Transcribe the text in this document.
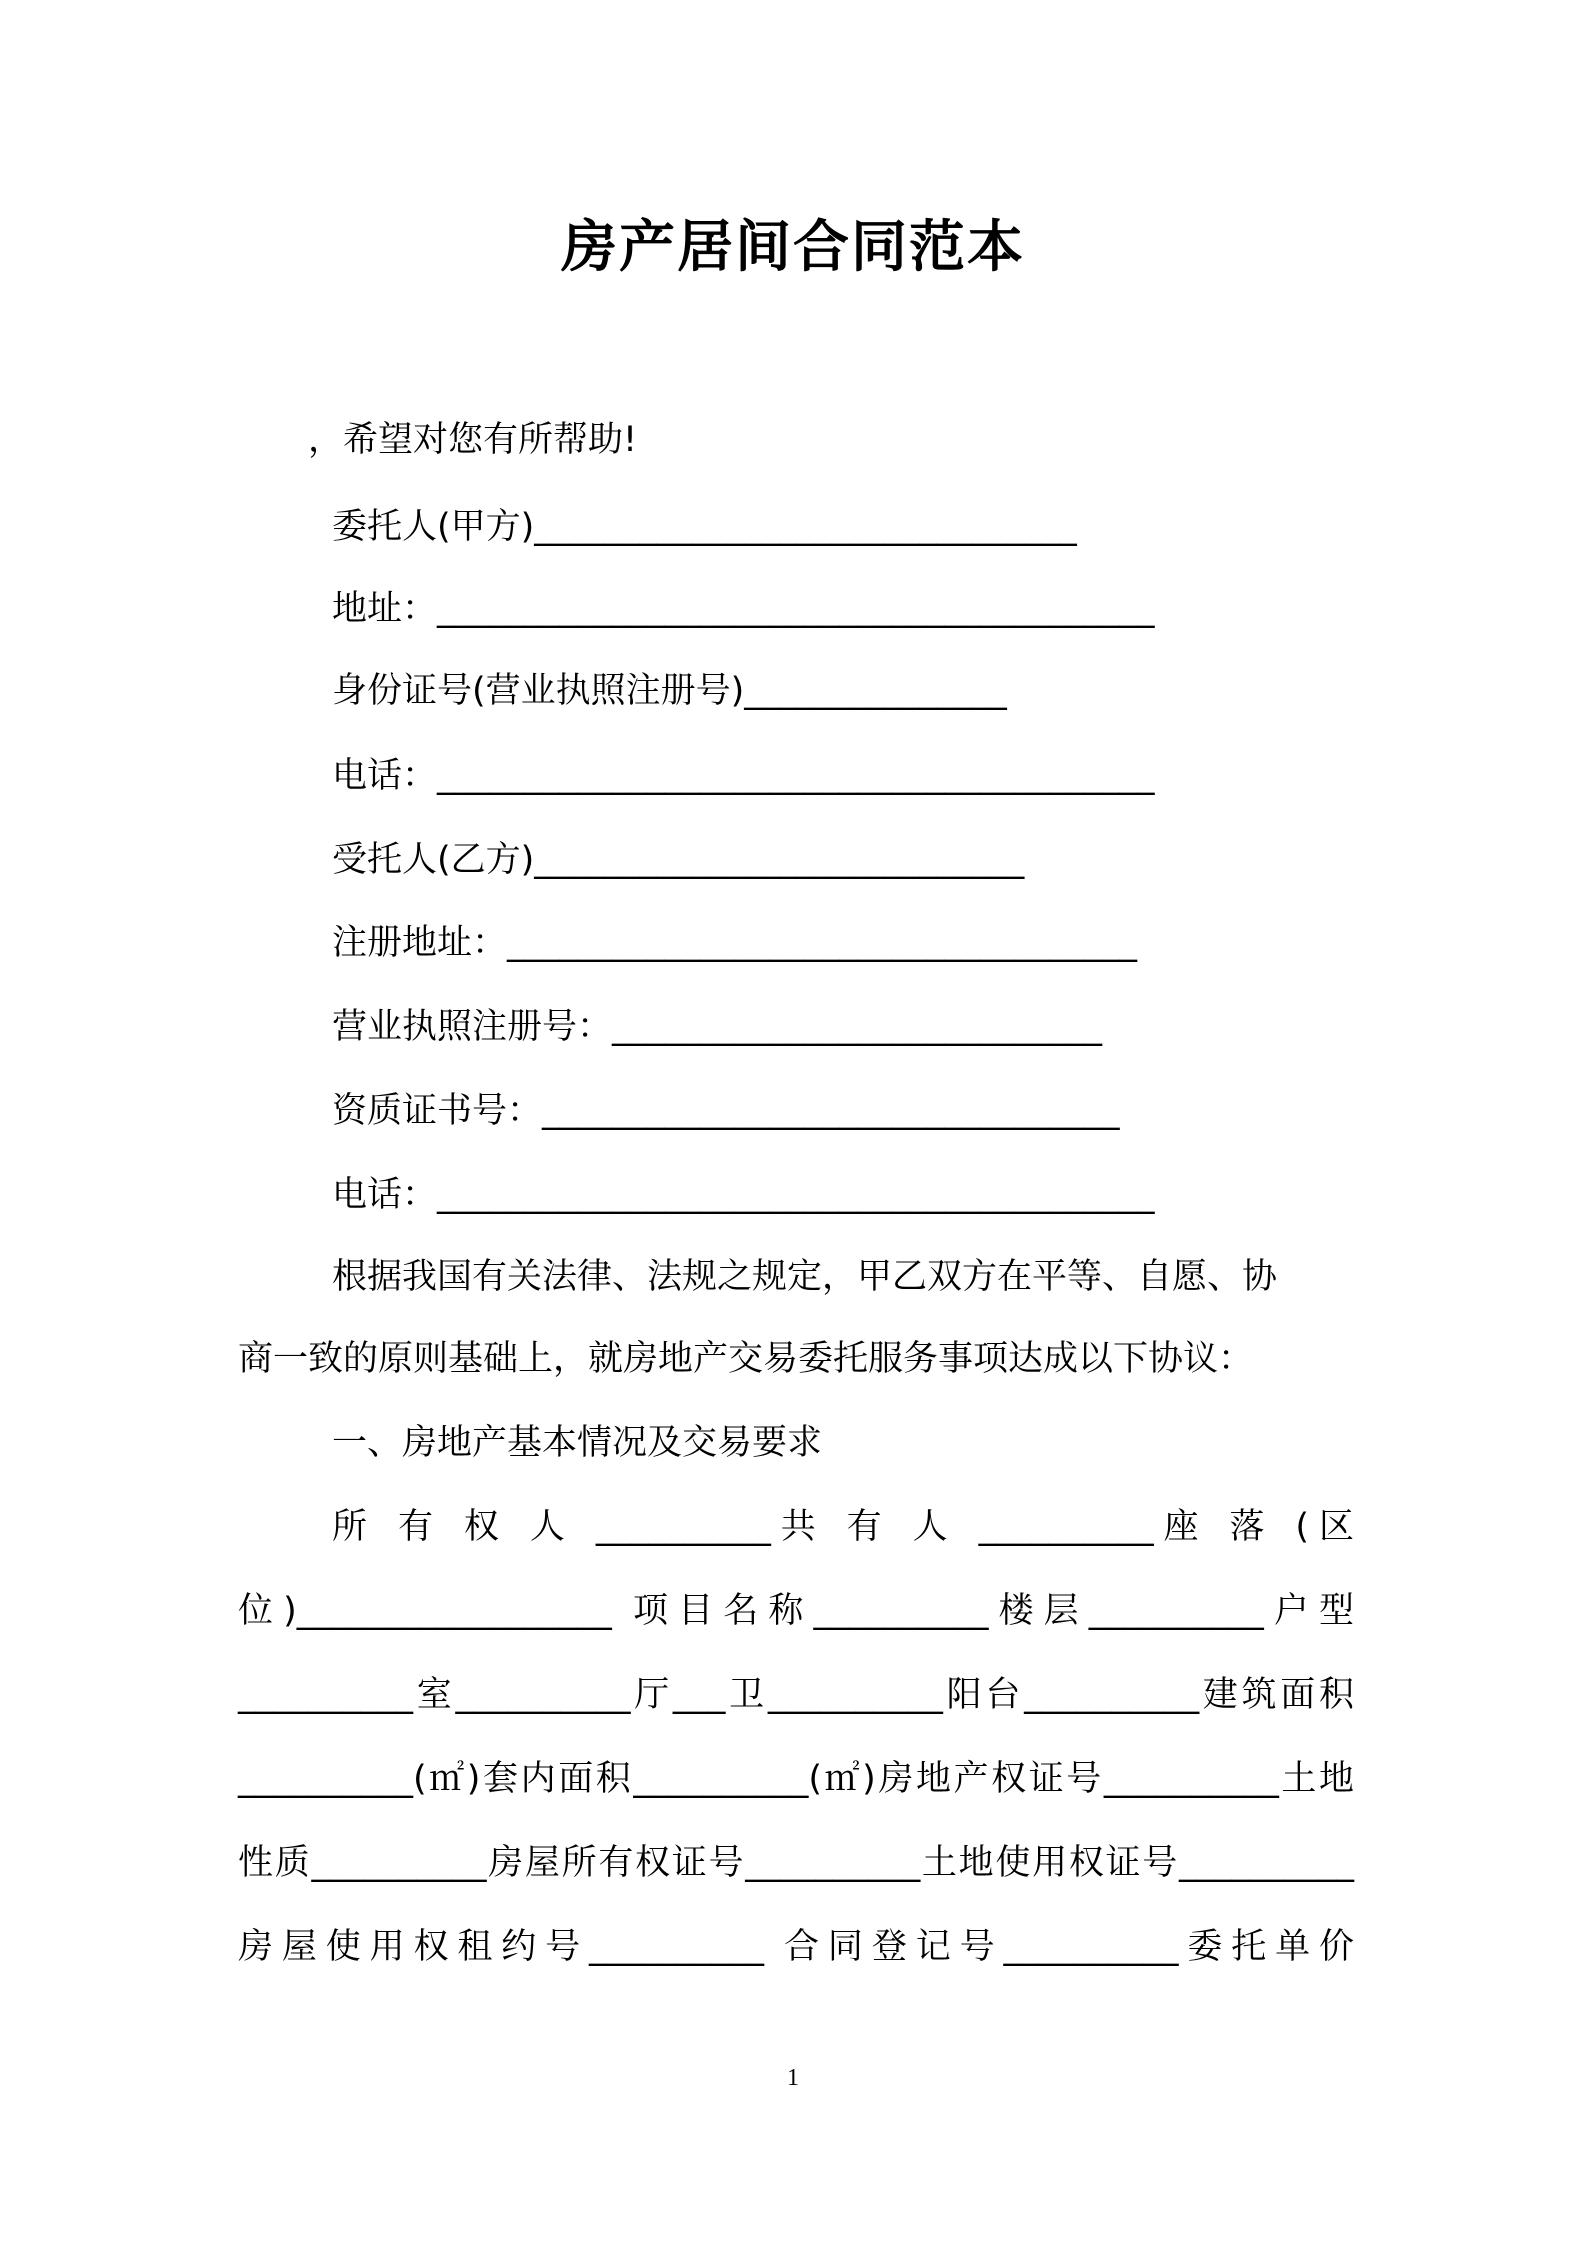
房产居间合同范本
，希望对您有所帮助!
委托人(甲方)_______________________________
地址：_________________________________________
身份证号(营业执照注册号)_______________
电话：_________________________________________
受托人(乙方)____________________________
注册地址：____________________________________
营业执照注册号：____________________________
资质证书号：_________________________________
电话：_________________________________________
根据我国有关法律、法规之规定，甲乙双方在平等、自愿、协
商一致的原则基础上，就房地产交易委托服务事项达成以下协议：
一、房地产基本情况及交易要求
所 有 权 人 __________共 有 人 __________座 落 (区
位)__________________ 项目名称__________楼层__________户型
__________室__________厅___卫__________阳台__________建筑面积
__________(㎡)套内面积__________(㎡)房地产权证号__________土地
性质__________房屋所有权证号__________土地使用权证号__________
房屋使用权租约号__________ 合同登记号__________委托单价
1
